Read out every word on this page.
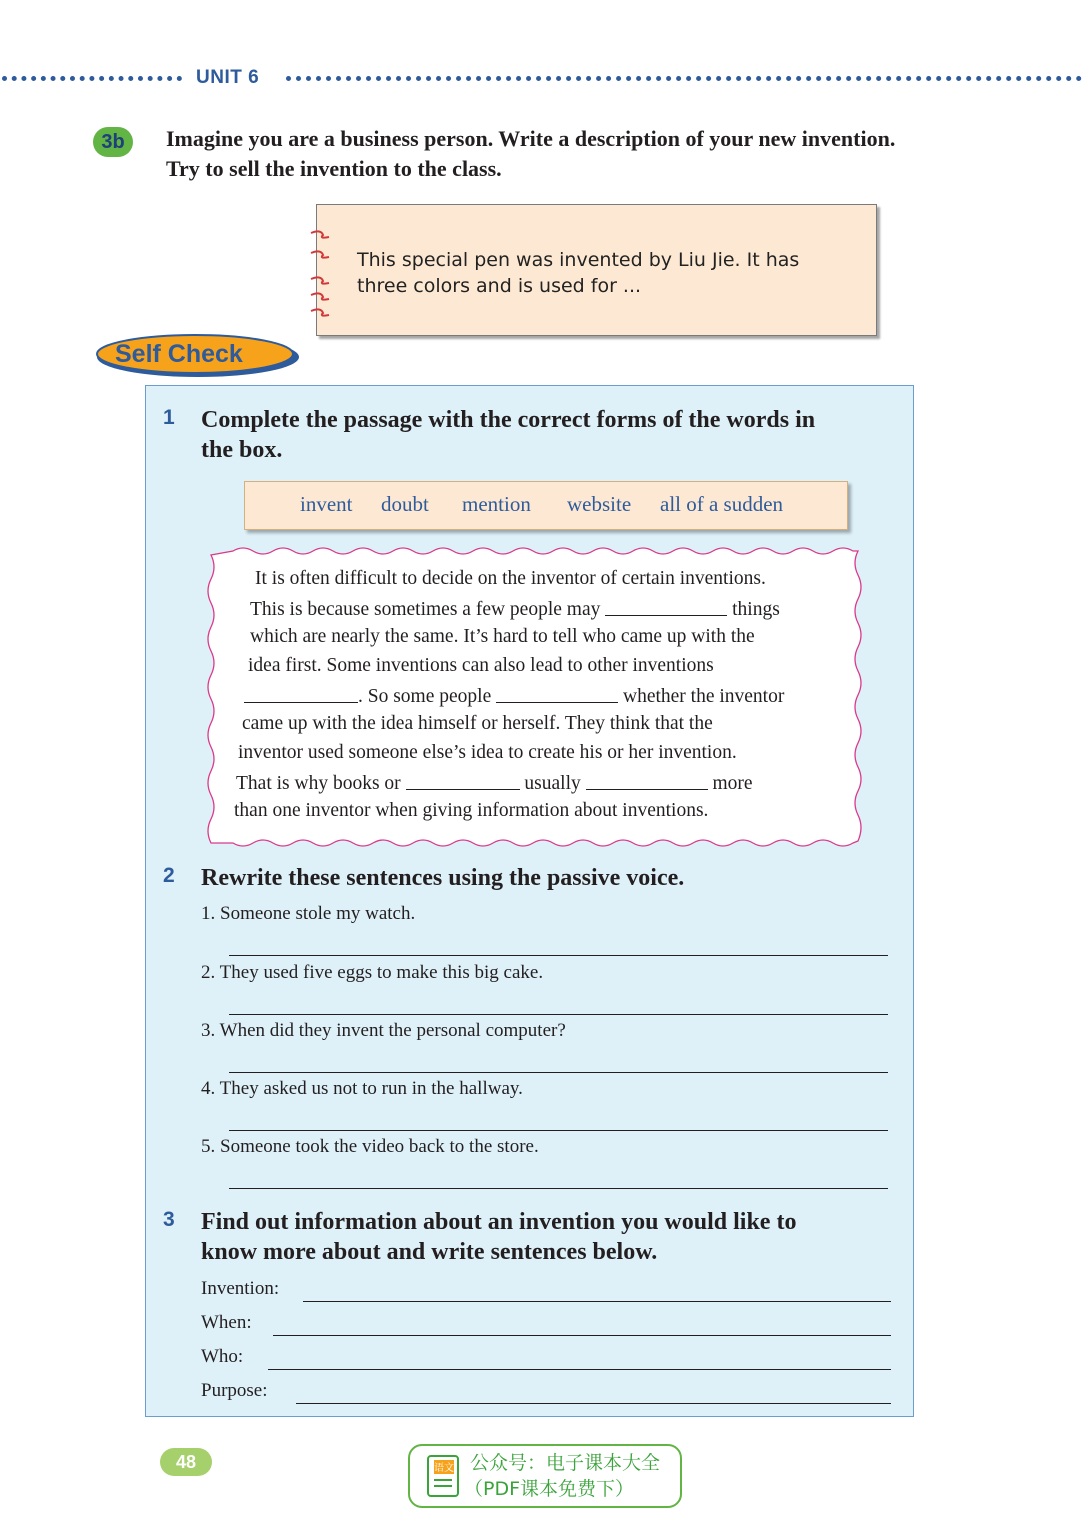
UNIT 6
3b	Imagine you are a business person. Write a description of your new invention. Try to sell the invention to the class.
This special pen was invented by Liu Jie. It has
three colors and is used for ...
Self Check
1 Complete the passage with the correct forms of the words in
the box.
invent doubt mention website all of a sudden
It is often difficult to decide on the inventor of certain inventions.
This is because sometimes a few people may	things
which are nearly the same. It’s hard to tell who came up with the
idea first. Some inventions can also lead to other inventions
. So some people	whether the inventor
came up with the idea himself or herself. They think that the
inventor used someone else’s idea to create his or her invention.
That is why books or	usually	more
than one inventor when giving information about inventions.
2 Rewrite these sentences using the passive voice.
1. Someone stole my watch.
2. They used five eggs to make this big cake.
3. When did they invent the personal computer?
4. They asked us not to run in the hallway.
5. Someone took the video back to the store.
3 Find out information about an invention you would like to
know more about and write sentences below.
Invention:
When:
Who:
Purpose:
48	语文 公众号：电子课本大全
（PDF课本免费下）
